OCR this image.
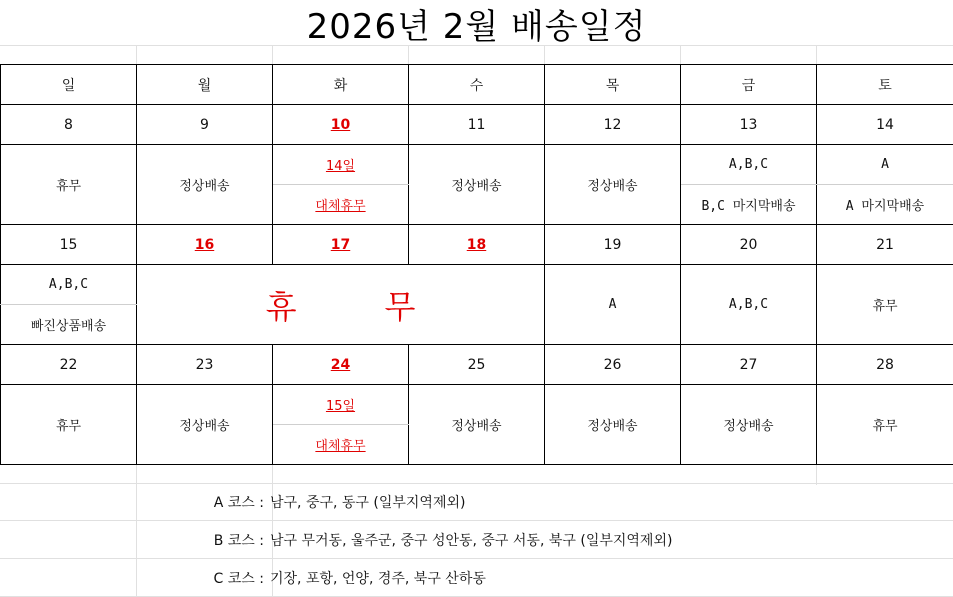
2026년 2월 배송일정
일	월	화	수	목	금	토
8	9	10	11	12	13	14
휴무	정상배송	14일	정상배송	정상배송	A,B,C	A
		대체휴무			B,C 마지막배송	A 마지막배송
15	16	17	18	19	20	21
A,B,C	휴 무			A	A,B,C	휴무
빠진상품배송						
22	23	24	25	26	27	28
휴무	정상배송	15일	정상배송	정상배송	정상배송	휴무
		대체휴무				
A 코스 : 남구, 중구, 동구 (일부지역제외)
B 코스 : 남구 무거동, 울주군, 중구 성안동, 중구 서동, 북구 (일부지역제외)
C 코스 : 기장, 포항, 언양, 경주, 북구 산하동
